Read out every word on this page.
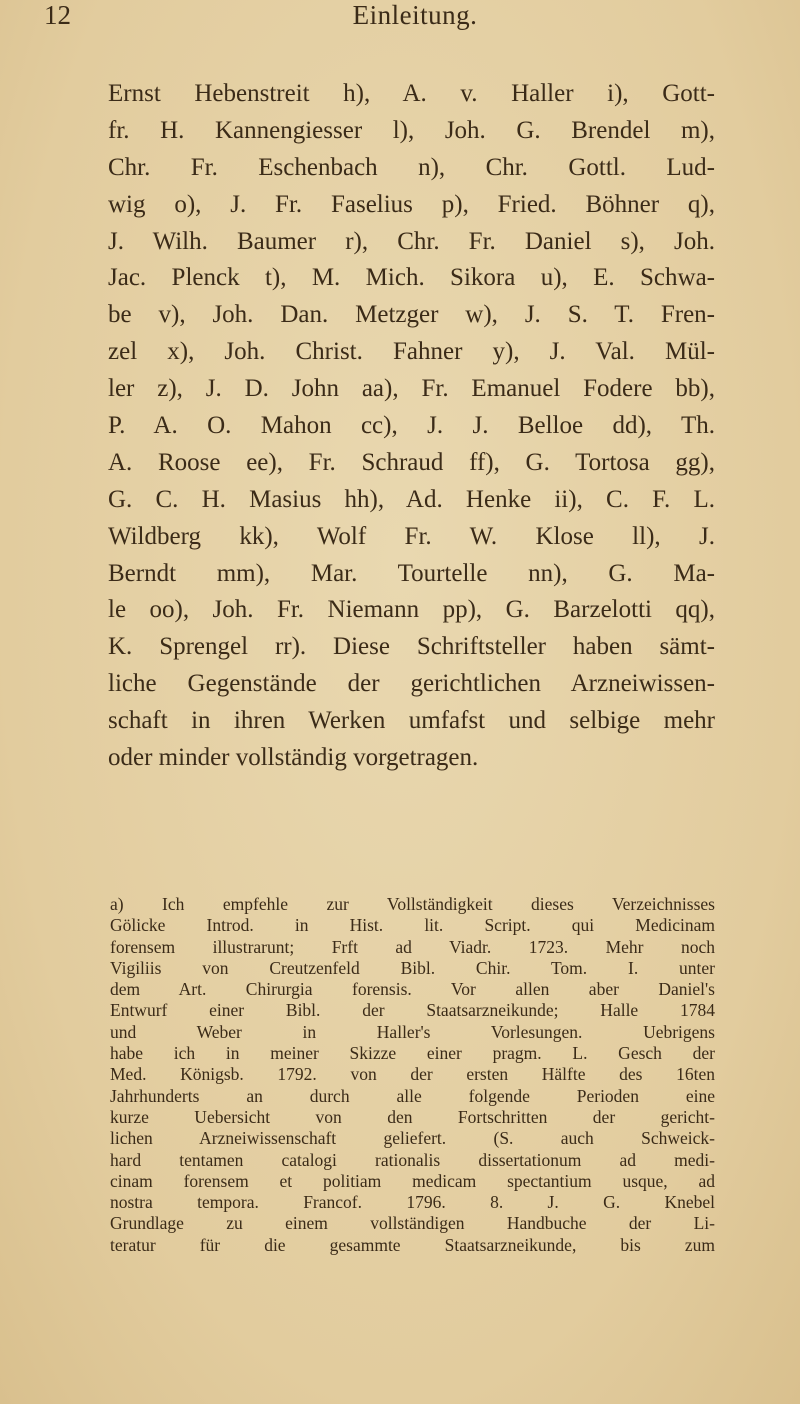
12	Einleitung.
Ernst Hebenstreit h), A. v. Haller i), Gott-
fr. H. Kannengiesser l), Joh. G. Brendel m),
Chr. Fr. Eschenbach n), Chr. Gottl. Lud-
wig o), J. Fr. Faselius p), Fried. Böhner q),
J. Wilh. Baumer r), Chr. Fr. Daniel s), Joh.
Jac. Plenck t), M. Mich. Sikora u), E. Schwa-
be v), Joh. Dan. Metzger w), J. S. T. Fren-
zel x), Joh. Christ. Fahner y), J. Val. Mül-
ler z), J. D. John aa), Fr. Emanuel Fodere bb),
P. A. O. Mahon cc), J. J. Belloe dd), Th.
A. Roose ee), Fr. Schraud ff), G. Tortosa gg),
G. C. H. Masius hh), Ad. Henke ii), C. F. L.
Wildberg kk), Wolf Fr. W. Klose ll), J.
Berndt mm), Mar. Tourtelle nn), G. Ma-
le oo), Joh. Fr. Niemann pp), G. Barzelotti qq),
K. Sprengel rr). Diese Schriftsteller haben sämt-
liche Gegenstände der gerichtlichen Arzneiwissen-
schaft in ihren Werken umfafst und selbige mehr
oder minder vollständig vorgetragen.
a) Ich empfehle zur Vollständigkeit dieses Verzeichnisses
Gölicke Introd. in Hist. lit. Script. qui Medicinam
forensem illustrarunt; Frft ad Viadr. 1723. Mehr noch
Vigiliis von Creutzenfeld Bibl. Chir. Tom. I. unter
dem Art. Chirurgia forensis. Vor allen aber Daniel's
Entwurf einer Bibl. der Staatsarzneikunde; Halle 1784
und Weber in Haller's Vorlesungen. Uebrigens
habe ich in meiner Skizze einer pragm. L. Gesch der
Med. Königsb. 1792. von der ersten Hälfte des 16ten
Jahrhunderts an durch alle folgende Perioden eine
kurze Uebersicht von den Fortschritten der gericht-
lichen Arzneiwissenschaft geliefert. (S. auch Schweick-
hard tentamen catalogi rationalis dissertationum ad medi-
cinam forensem et politiam medicam spectantium usque, ad
nostra tempora. Francof. 1796. 8. J. G. Knebel
Grundlage zu einem vollständigen Handbuche der Li-
teratur für die gesammte Staatsarzneikunde, bis zum
